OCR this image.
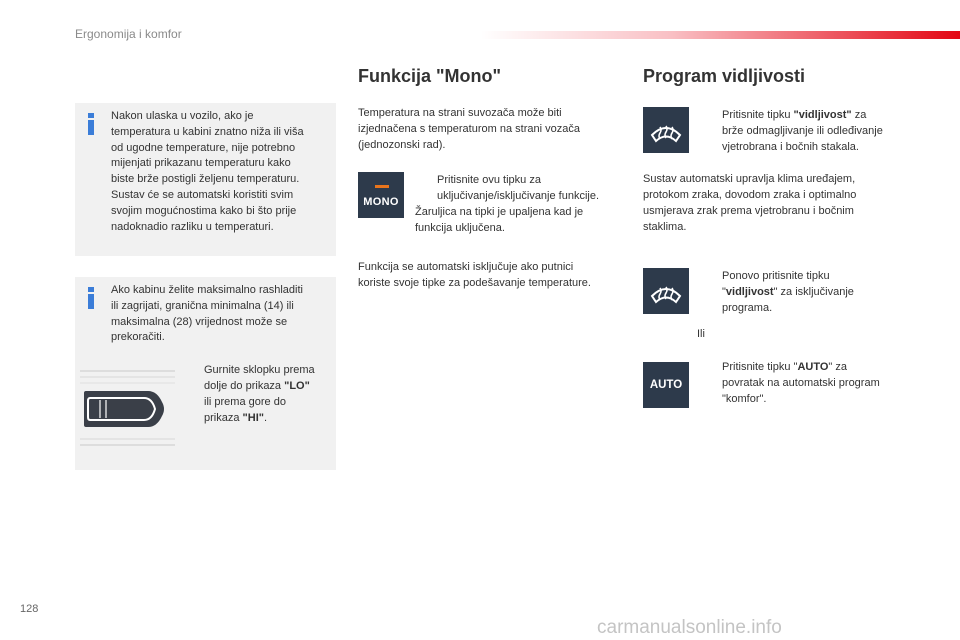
Ergonomija i komfor
Nakon ulaska u vozilo, ako je
temperatura u kabini znatno niža ili viša
od ugodne temperature, nije potrebno
mijenjati prikazanu temperaturu kako
biste brže postigli željenu temperaturu.
Sustav će se automatski koristiti svim
svojim mogućnostima kako bi što prije
nadoknadio razliku u temperaturi.
Ako kabinu želite maksimalno rashladiti
ili zagrijati, granična minimalna (14) ili
maksimalna (28) vrijednost može se
prekoračiti.
Gurnite sklopku prema
dolje do prikaza "LO"
ili prema gore do
prikaza "HI".
Funkcija "Mono"

Temperatura na strani suvozača može biti
izjednačena s temperaturom na strani vozača
(jednozonski rad).

MONO
Pritisnite ovu tipku za
uključivanje/isključivanje funkcije.

Žaruljica na tipki je upaljena kad je
funkcija uključena.

Funkcija se automatski isključuje ako putnici
koriste svoje tipke za podešavanje temperature.

Program vidljivosti
Pritisnite tipku "vidljivost" za
brže odmagljivanje ili odleđivanje
vjetrobrana i bočnih stakala.

Sustav automatski upravlja klima uređajem,
protokom zraka, dovodom zraka i optimalno
usmjerava zrak prema vjetrobranu i bočnim
staklima.

Ponovo pritisnite tipku
"vidljivost" za isključivanje
programa.
Ili
AUTO
Pritisnite tipku "AUTO" za
povratak na automatski program
"komfor".
128
carmanualsonline.info
